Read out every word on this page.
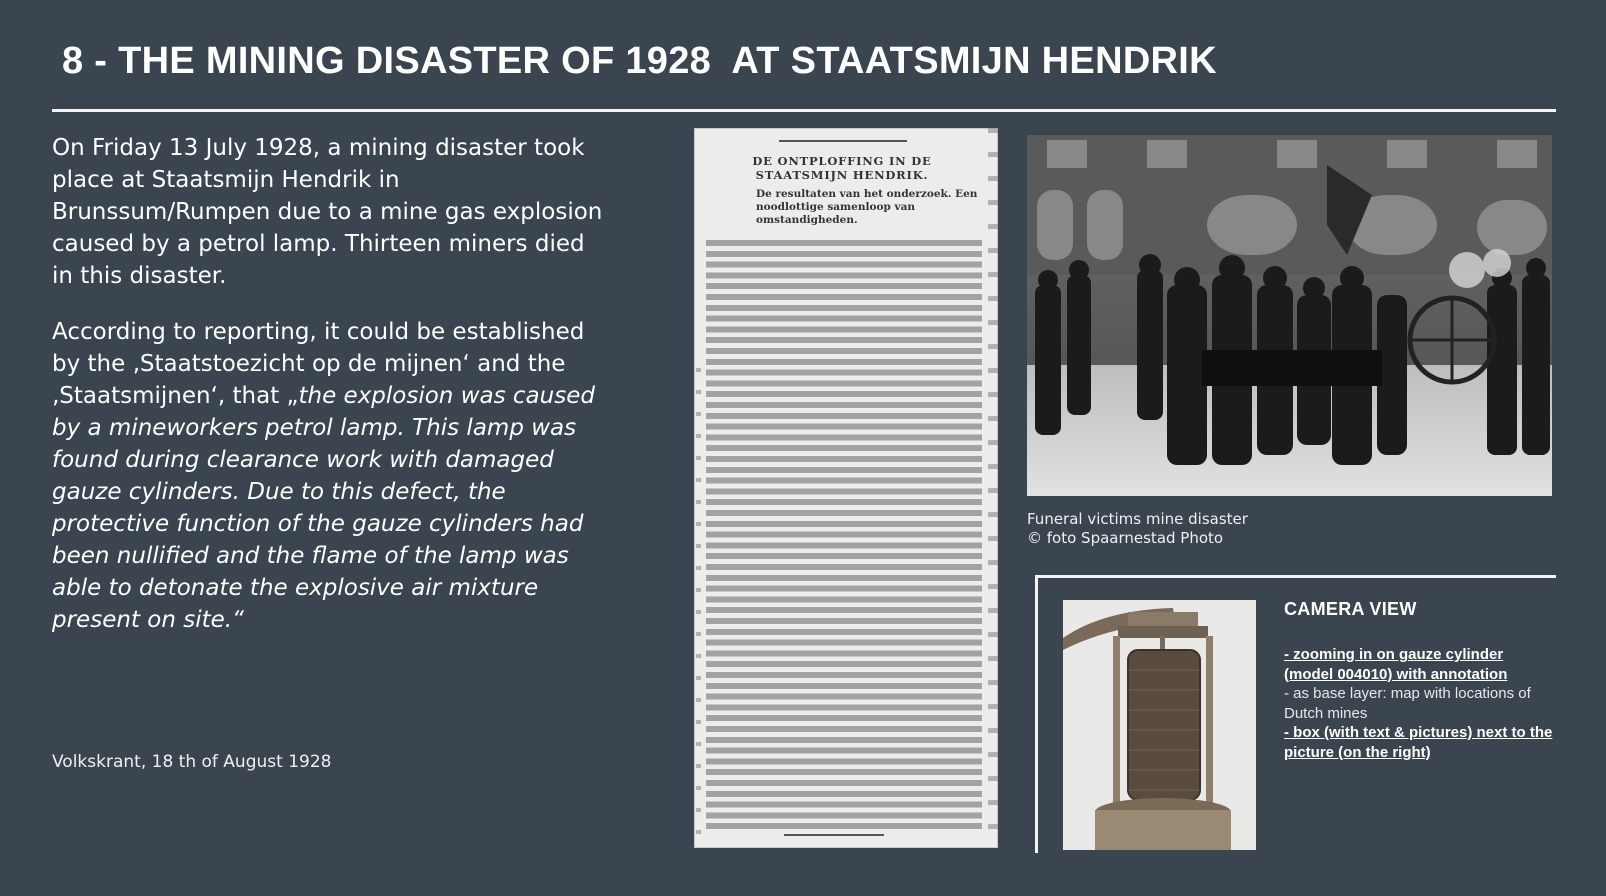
8 - THE MINING DISASTER OF 1928  AT STAATSMIJN HENDRIK

On Friday 13 July 1928, a mining disaster took place at Staatsmijn Hendrik in Brunssum/Rumpen due to a mine gas explosion caused by a petrol lamp. Thirteen miners died in this disaster.

According to reporting, it could be established by the ‚Staatstoezicht op de mijnen‘ and the ‚Staatsmijnen‘, that „the explosion was caused by a mineworkers petrol lamp. This lamp was found during clearance work with damaged gauze cylinders. Due to this defect, the protective function of the gauze cylinders had been nullified and the flame of the lamp was able to detonate the explosive air mixture present on site.“

Volkskrant, 18 th of August 1928
DE ONTPLOFFING IN DE STAATSMIJN HENDRIK.
De resultaten van het onderzoek. Een noodlottige samenloop van omstandigheden.
Funeral victims mine disaster
© foto Spaarnestad Photo
CAMERA VIEW
- zooming in on gauze cylinder (model 004010) with annotation
- as base layer: map with locations of Dutch mines
- box (with text & pictures) next to the picture (on the right)
